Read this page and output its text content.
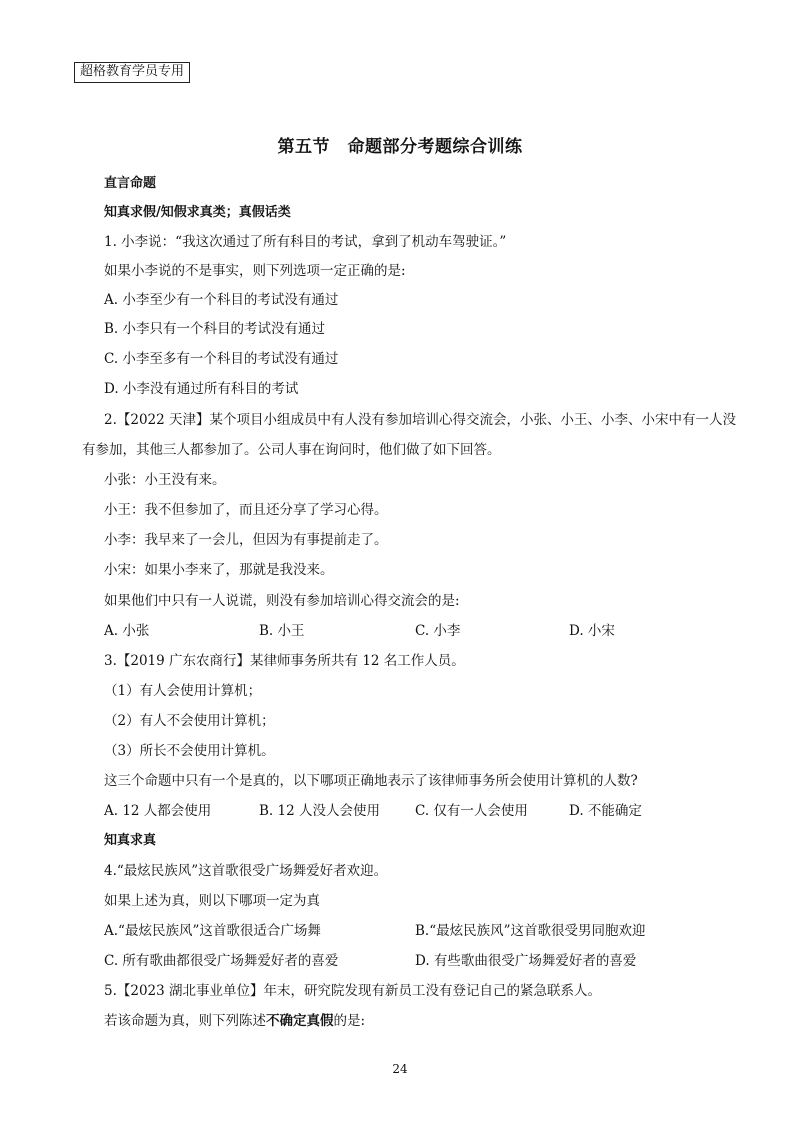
超格教育学员专用
第五节　命题部分考题综合训练
直言命题
知真求假/知假求真类；真假话类
1. 小李说：“我这次通过了所有科目的考试，拿到了机动车驾驶证。”
如果小李说的不是事实，则下列选项一定正确的是:
A. 小李至少有一个科目的考试没有通过
B. 小李只有一个科目的考试没有通过
C. 小李至多有一个科目的考试没有通过
D. 小李没有通过所有科目的考试
2.【2022 天津】某个项目小组成员中有人没有参加培训心得交流会，小张、小王、小李、小宋中有一人没
有参加，其他三人都参加了。公司人事在询问时，他们做了如下回答。
小张：小王没有来。
小王：我不但参加了，而且还分享了学习心得。
小李：我早来了一会儿，但因为有事提前走了。
小宋：如果小李来了，那就是我没来。
如果他们中只有一人说谎，则没有参加培训心得交流会的是:
A. 小张	B. 小王	C. 小李	D. 小宋
3.【2019 广东农商行】某律师事务所共有 12 名工作人员。
（1）有人会使用计算机；
（2）有人不会使用计算机；
（3）所长不会使用计算机。
这三个命题中只有一个是真的，以下哪项正确地表示了该律师事务所会使用计算机的人数?
A. 12 人都会使用	B. 12 人没人会使用	C. 仅有一人会使用	D. 不能确定
知真求真
4.“最炫民族风”这首歌很受广场舞爱好者欢迎。
如果上述为真，则以下哪项一定为真
A.“最炫民族风”这首歌很适合广场舞	B.“最炫民族风”这首歌很受男同胞欢迎
C. 所有歌曲都很受广场舞爱好者的喜爱	D. 有些歌曲很受广场舞爱好者的喜爱
5.【2023 湖北事业单位】年末，研究院发现有新员工没有登记自己的紧急联系人。
若该命题为真，则下列陈述不确定真假的是:
24
